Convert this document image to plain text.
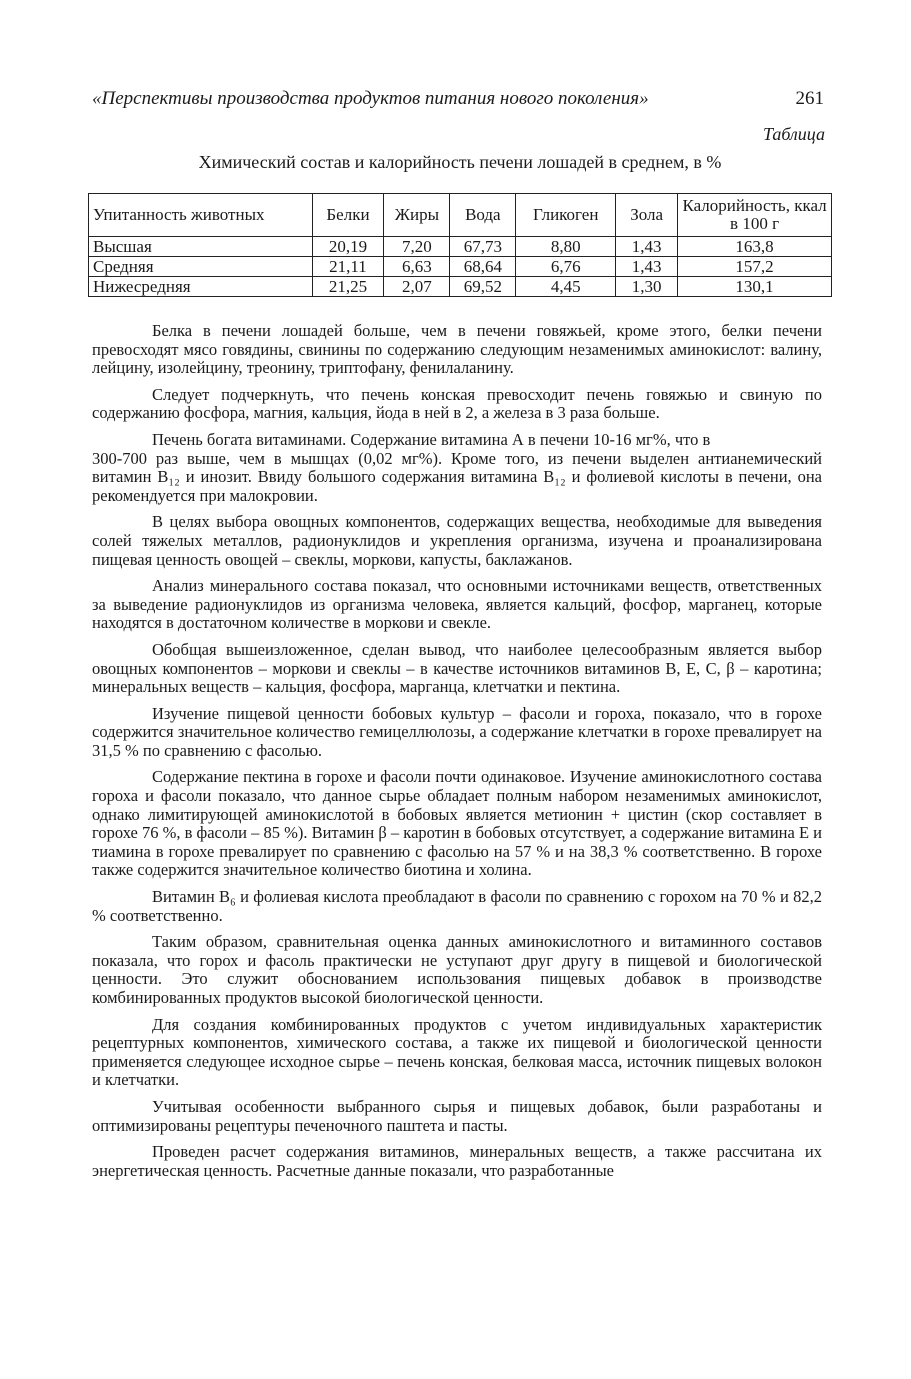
«Перспективы производства продуктов питания нового поколения»	261
Таблица
Химический состав и калорийность печени лошадей в среднем, в %
Упитанность животных	Белки	Жиры	Вода	Гликоген	Зола	Калорийность, ккал в 100 г
Высшая	20,19	7,20	67,73	8,80	1,43	163,8
Средняя	21,11	6,63	68,64	6,76	1,43	157,2
Нижесредняя	21,25	2,07	69,52	4,45	1,30	130,1

Белка в печени лошадей больше, чем в печени говяжьей, кроме этого, белки печени превосходят мясо говядины, свинины по содержанию следующим незаменимых аминокислот: валину, лейцину, изолейцину, треонину, триптофану, фенилаланину.

Следует подчеркнуть, что печень конская превосходит печень говяжью и свиную по содержанию фосфора, магния, кальция, йода в ней в 2, а железа в 3 раза больше.

Печень богата витаминами. Содержание витамина А в печени 10-16 мг%, что в

300-700 раз выше, чем в мышцах (0,02 мг%). Кроме того, из печени выделен антианемический витамин В₁₂ и инозит. Ввиду большого содержания витамина В₁₂ и фолиевой кислоты в печени, она рекомендуется при малокровии.

В целях выбора овощных компонентов, содержащих вещества, необходимые для выведения солей тяжелых металлов, радионуклидов и укрепления организма, изучена и проанализирована пищевая ценность овощей – свеклы, моркови, капусты, баклажанов.

Анализ минерального состава показал, что основными источниками веществ, ответственных за выведение радионуклидов из организма человека, является кальций, фосфор, марганец, которые находятся в достаточном количестве в моркови и свекле.

Обобщая вышеизложенное, сделан вывод, что наиболее целесообразным является выбор овощных компонентов – моркови и свеклы – в качестве источников витаминов В, Е, С, β – каротина; минеральных веществ – кальция, фосфора, марганца, клетчатки и пектина.

Изучение пищевой ценности бобовых культур – фасоли и гороха, показало, что в горохе содержится значительное количество гемицеллюлозы, а содержание клетчатки в горохе превалирует на 31,5 % по сравнению с фасолью.

Содержание пектина в горохе и фасоли почти одинаковое. Изучение аминокислотного состава гороха и фасоли показало, что данное сырье обладает полным набором незаменимых аминокислот, однако лимитирующей аминокислотой в бобовых является метионин + цистин (скор составляет в горохе 76 %, в фасоли – 85 %). Витамин β – каротин в бобовых отсутствует, а содержание витамина Е и тиамина в горохе превалирует по сравнению с фасолью на 57 % и на 38,3 % соответственно. В горохе также содержится значительное количество биотина и холина.

Витамин В₆ и фолиевая кислота преобладают в фасоли по сравнению с горохом на 70 % и 82,2 % соответственно.

Таким образом, сравнительная оценка данных аминокислотного и витаминного составов показала, что горох и фасоль практически не уступают друг другу в пищевой и биологической ценности. Это служит обоснованием использования пищевых добавок в производстве комбинированных продуктов высокой биологической ценности.

Для создания комбинированных продуктов с учетом индивидуальных характеристик рецептурных компонентов, химического состава, а также их пищевой и биологической ценности применяется следующее исходное сырье – печень конская, белковая масса, источник пищевых волокон и клетчатки.

Учитывая особенности выбранного сырья и пищевых добавок, были разработаны и оптимизированы рецептуры печеночного паштета и пасты.

Проведен расчет содержания витаминов, минеральных веществ, а также рассчитана их энергетическая ценность. Расчетные данные показали, что разработанные
